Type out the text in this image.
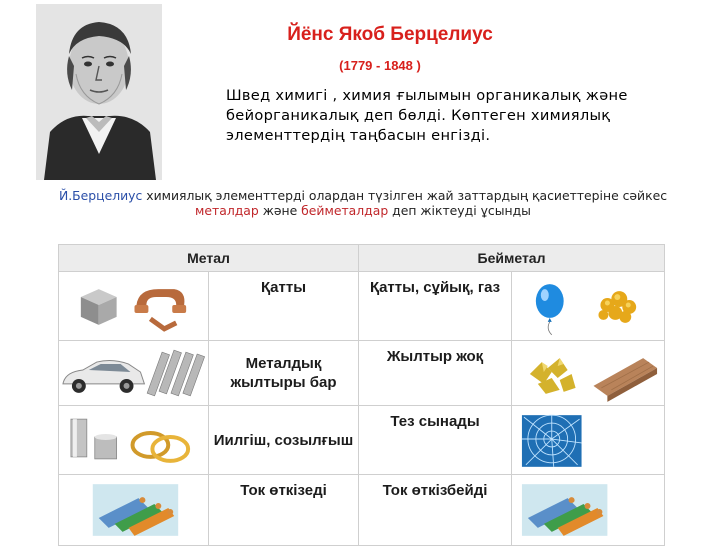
Йёнс Якоб Берцелиус
(1779 - 1848 )
Швед химигі , химия ғылымын органикалық және бейорганикалық деп бөлді. Көптеген химиялық элементтердің таңбасын енгізді.
Й.Берцелиус химиялық элементтерді олардан түзілген жай заттардың қасиеттеріне сәйкес металдар және бейметалдар деп жіктеуді ұсынды
Метал		Бейметал	

	Қатты	Қатты, сұйық, газ	

	Металдық жылтыры бар	Жылтыр жоқ	

	Иилгіш, созылғыш	Тез сынады	

	Ток өткізеді	Ток өткізбейді	
